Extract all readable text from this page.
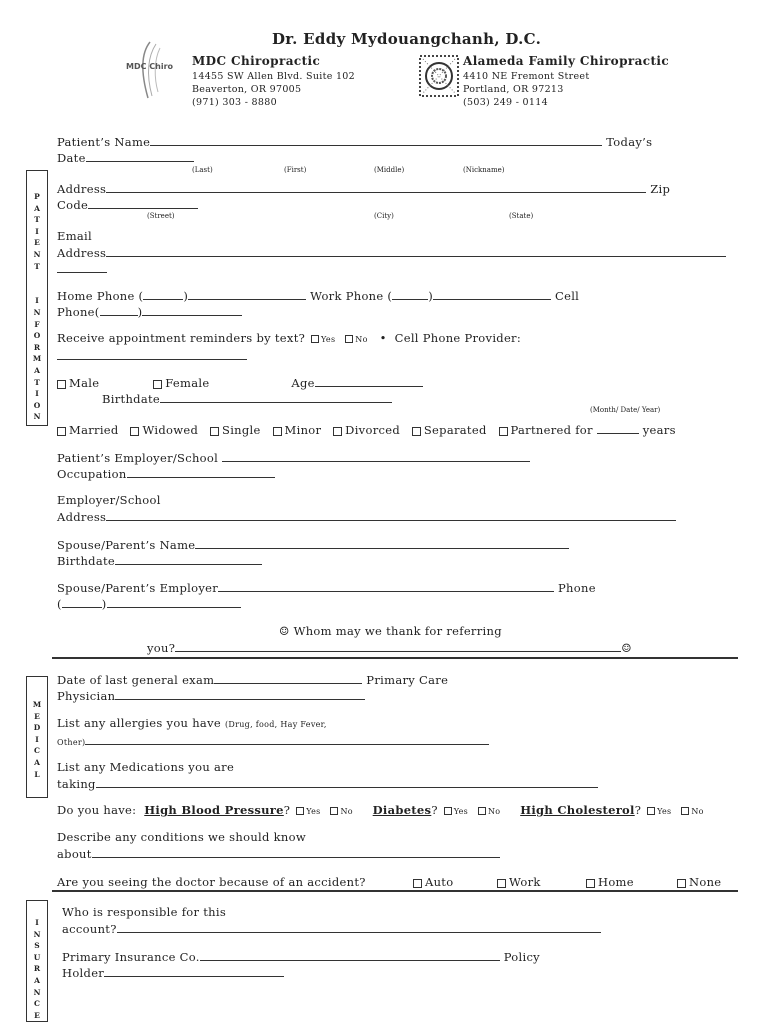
Dr. Eddy Mydouangchanh, D.C.
MDC Chiro MDC Chiropractic
14455 SW Allen Blvd. Suite 102
Beaverton, OR 97005
(971) 303 - 8880
Alameda Family Chiropractic
4410 NE Fremont Street
Portland, OR 97213
(503) 249 - 0114
Patient’s Name	Today’s
Date
(Last)	(First)	(Middle)	(Nickname)
P
A
T
I
E
N
T

I
N
F
O
R
M
A
T
I
O
N
Address	Zip
Code
(Street)	(City)	(State)
Email
Address
Home Phone (	)	Work Phone (	)	Cell
Phone(	)
Receive appointment reminders by text? Yes No • Cell Phone Provider:
Male	Female	Age
Birthdate
(Month/ Date/ Year)
Married Widowed Single Minor Divorced Separated Partnered for	years
Patient’s Employer/School
Occupation
Employer/School
Address
Spouse/Parent’s Name
Birthdate
Spouse/Parent’s Employer	Phone
(	)
☺ Whom may we thank for referring
you?	☺
M
E
D
I
C
A
L
Date of last general exam	Primary Care
Physician
List any allergies you have (Drug, food, Hay Fever,
Other)
List any Medications you are
taking
Do you have: High Blood Pressure? Yes No Diabetes? Yes No High Cholesterol? Yes No
Describe any conditions we should know
about
Are you seeing the doctor because of an accident?	Auto	Work	Home	None
I
N
S
U
R
A
N
C
E
Who is responsible for this
account?
Primary Insurance Co.	Policy
Holder
